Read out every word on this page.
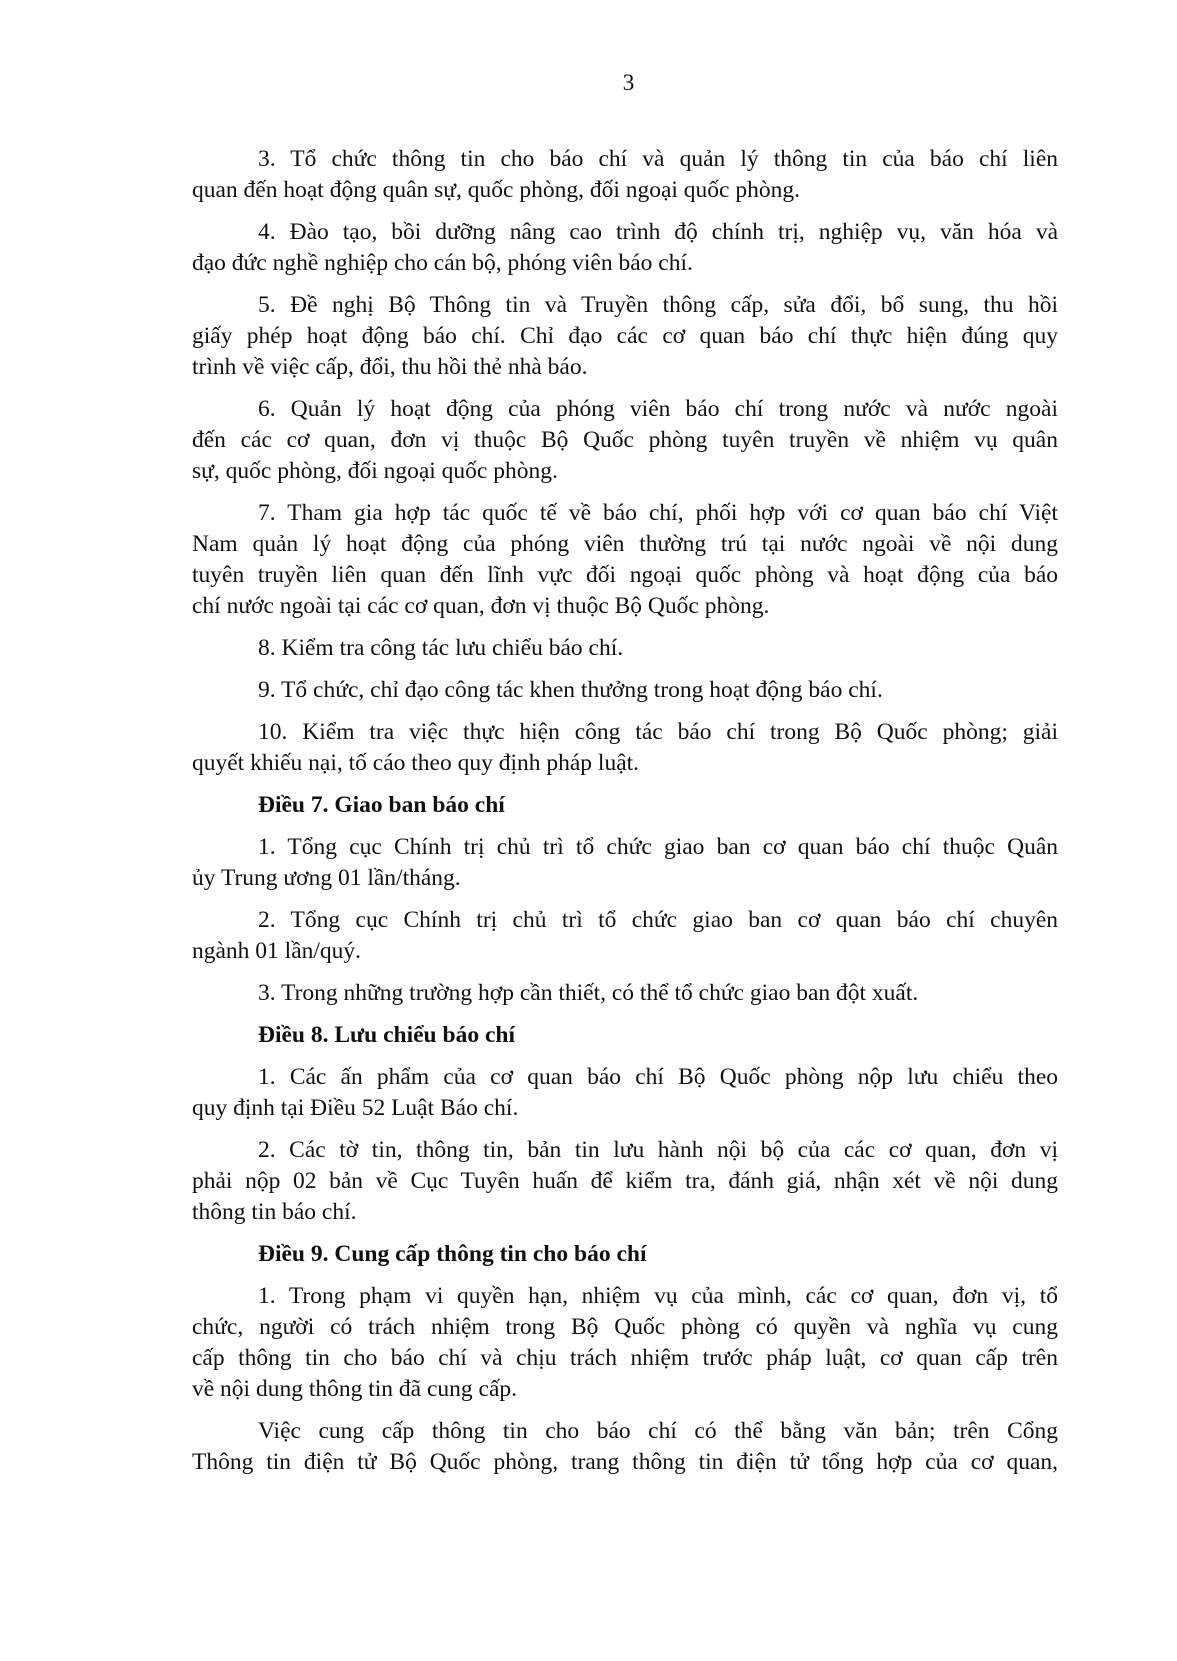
3
3. Tổ chức thông tin cho báo chí và quản lý thông tin của báo chí liên
quan đến hoạt động quân sự, quốc phòng, đối ngoại quốc phòng.
4. Đào tạo, bồi dưỡng nâng cao trình độ chính trị, nghiệp vụ, văn hóa và
đạo đức nghề nghiệp cho cán bộ, phóng viên báo chí.
5. Đề nghị Bộ Thông tin và Truyền thông cấp, sửa đổi, bổ sung, thu hồi
giấy phép hoạt động báo chí. Chỉ đạo các cơ quan báo chí thực hiện đúng quy
trình về việc cấp, đổi, thu hồi thẻ nhà báo.
6. Quản lý hoạt động của phóng viên báo chí trong nước và nước ngoài
đến các cơ quan, đơn vị thuộc Bộ Quốc phòng tuyên truyền về nhiệm vụ quân
sự, quốc phòng, đối ngoại quốc phòng.
7. Tham gia hợp tác quốc tế về báo chí, phối hợp với cơ quan báo chí Việt
Nam quản lý hoạt động của phóng viên thường trú tại nước ngoài về nội dung
tuyên truyền liên quan đến lĩnh vực đối ngoại quốc phòng và hoạt động của báo
chí nước ngoài tại các cơ quan, đơn vị thuộc Bộ Quốc phòng.
8. Kiểm tra công tác lưu chiểu báo chí.
9. Tổ chức, chỉ đạo công tác khen thưởng trong hoạt động báo chí.
10. Kiểm tra việc thực hiện công tác báo chí trong Bộ Quốc phòng; giải
quyết khiếu nại, tố cáo theo quy định pháp luật.
Điều 7. Giao ban báo chí
1. Tổng cục Chính trị chủ trì tổ chức giao ban cơ quan báo chí thuộc Quân
ủy Trung ương 01 lần/tháng.
2. Tổng cục Chính trị chủ trì tổ chức giao ban cơ quan báo chí chuyên
ngành 01 lần/quý.
3. Trong những trường hợp cần thiết, có thể tổ chức giao ban đột xuất.
Điều 8. Lưu chiểu báo chí
1. Các ấn phẩm của cơ quan báo chí Bộ Quốc phòng nộp lưu chiểu theo
quy định tại Điều 52 Luật Báo chí.
2. Các tờ tin, thông tin, bản tin lưu hành nội bộ của các cơ quan, đơn vị
phải nộp 02 bản về Cục Tuyên huấn để kiểm tra, đánh giá, nhận xét về nội dung
thông tin báo chí.
Điều 9. Cung cấp thông tin cho báo chí
1. Trong phạm vi quyền hạn, nhiệm vụ của mình, các cơ quan, đơn vị, tổ
chức, người có trách nhiệm trong Bộ Quốc phòng có quyền và nghĩa vụ cung
cấp thông tin cho báo chí và chịu trách nhiệm trước pháp luật, cơ quan cấp trên
về nội dung thông tin đã cung cấp.
Việc cung cấp thông tin cho báo chí có thể bằng văn bản; trên Cổng
Thông tin điện tử Bộ Quốc phòng, trang thông tin điện tử tổng hợp của cơ quan,
